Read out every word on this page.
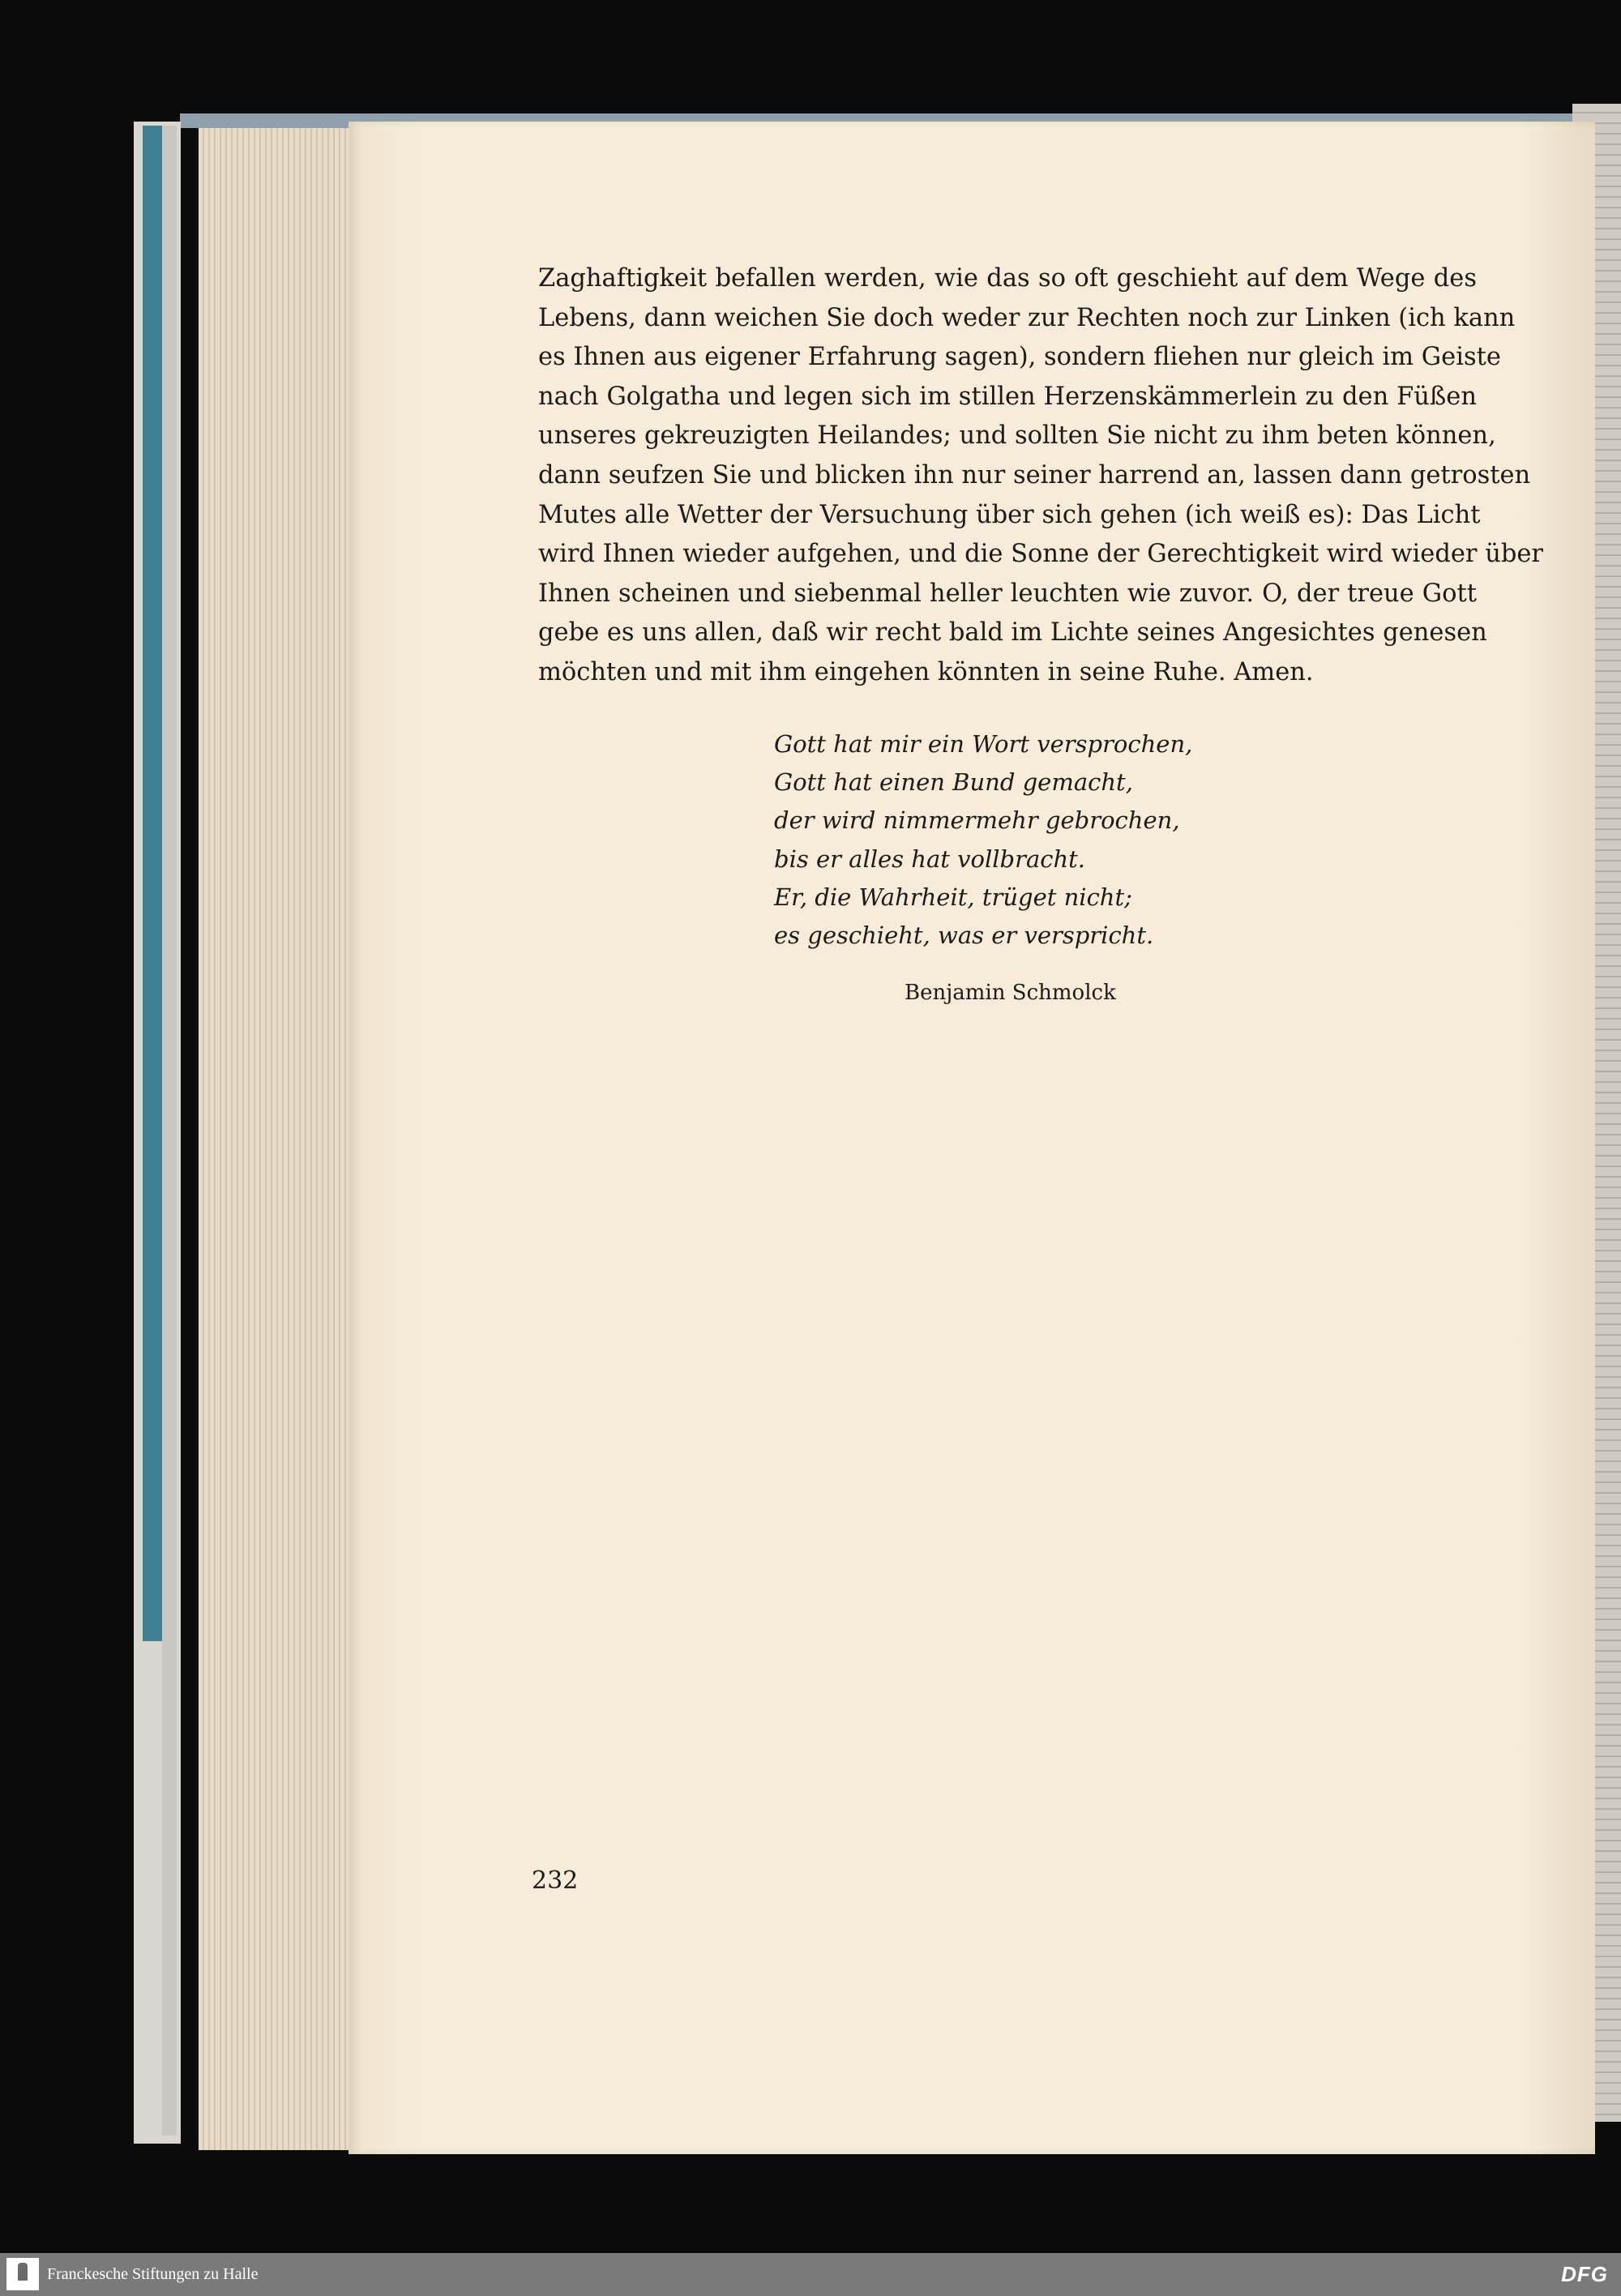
Zaghaftigkeit befallen werden, wie das so oft geschieht auf dem Wege des
Lebens, dann weichen Sie doch weder zur Rechten noch zur Linken (ich kann
es Ihnen aus eigener Erfahrung sagen), sondern fliehen nur gleich im Geiste
nach Golgatha und legen sich im stillen Herzenskämmerlein zu den Füßen
unseres gekreuzigten Heilandes; und sollten Sie nicht zu ihm beten können,
dann seufzen Sie und blicken ihn nur seiner harrend an, lassen dann getrosten
Mutes alle Wetter der Versuchung über sich gehen (ich weiß es): Das Licht
wird Ihnen wieder aufgehen, und die Sonne der Gerechtigkeit wird wieder über
Ihnen scheinen und siebenmal heller leuchten wie zuvor. O, der treue Gott
gebe es uns allen, daß wir recht bald im Lichte seines Angesichtes genesen
möchten und mit ihm eingehen könnten in seine Ruhe. Amen.
Gott hat mir ein Wort versprochen,
Gott hat einen Bund gemacht,
der wird nimmermehr gebrochen,
bis er alles hat vollbracht.
Er, die Wahrheit, trüget nicht;
es geschieht, was er verspricht.
Benjamin Schmolck
232
Franckesche Stiftungen zu Halle	DFG
